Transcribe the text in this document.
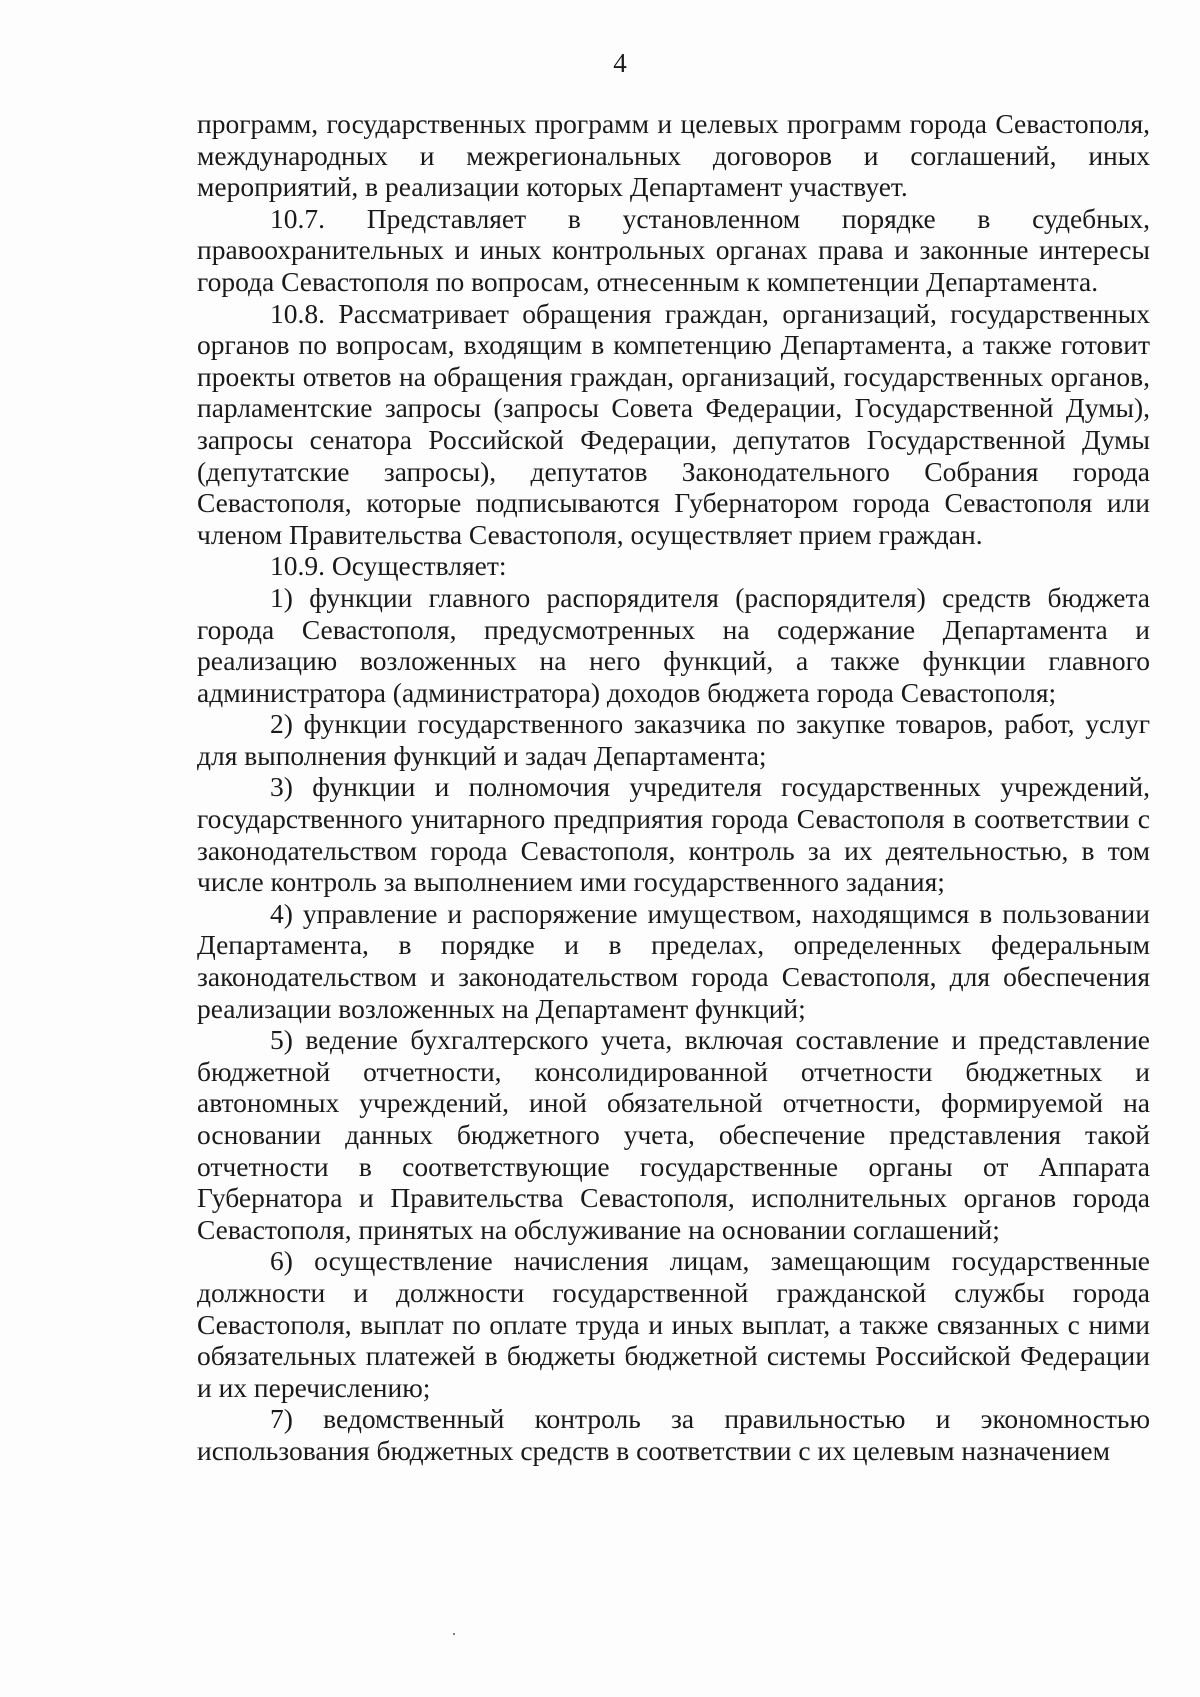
4

программ, государственных программ и целевых программ города Севастополя, международных и межрегиональных договоров и соглашений, иных мероприятий, в реализации которых Департамент участвует.

10.7. Представляет в установленном порядке в судебных, правоохранительных и иных контрольных органах права и законные интересы города Севастополя по вопросам, отнесенным к компетенции Департамента.

10.8. Рассматривает обращения граждан, организаций, государственных органов по вопросам, входящим в компетенцию Департамента, а также готовит проекты ответов на обращения граждан, организаций, государственных органов, парламентские запросы (запросы Совета Федерации, Государственной Думы), запросы сенатора Российской Федерации, депутатов Государственной Думы (депутатские запросы), депутатов Законодательного Собрания города Севастополя, которые подписываются Губернатором города Севастополя или членом Правительства Севастополя, осуществляет прием граждан.

10.9. Осуществляет:

1) функции главного распорядителя (распорядителя) средств бюджета города Севастополя, предусмотренных на содержание Департамента и реализацию возложенных на него функций, а также функции главного администратора (администратора) доходов бюджета города Севастополя;

2) функции государственного заказчика по закупке товаров, работ, услуг для выполнения функций и задач Департамента;

3) функции и полномочия учредителя государственных учреждений, государственного унитарного предприятия города Севастополя в соответствии с законодательством города Севастополя, контроль за их деятельностью, в том числе контроль за выполнением ими государственного задания;

4) управление и распоряжение имуществом, находящимся в пользовании Департамента, в порядке и в пределах, определенных федеральным законодательством и законодательством города Севастополя, для обеспечения реализации возложенных на Департамент функций;

5) ведение бухгалтерского учета, включая составление и представление бюджетной отчетности, консолидированной отчетности бюджетных и автономных учреждений, иной обязательной отчетности, формируемой на основании данных бюджетного учета, обеспечение представления такой отчетности в соответствующие государственные органы от Аппарата Губернатора и Правительства Севастополя, исполнительных органов города Севастополя, принятых на обслуживание на основании соглашений;

6) осуществление начисления лицам, замещающим государственные должности и должности государственной гражданской службы города Севастополя, выплат по оплате труда и иных выплат, а также связанных с ними обязательных платежей в бюджеты бюджетной системы Российской Федерации и их перечислению;

7) ведомственный контроль за правильностью и экономностью использования бюджетных средств в соответствии с их целевым назначением
